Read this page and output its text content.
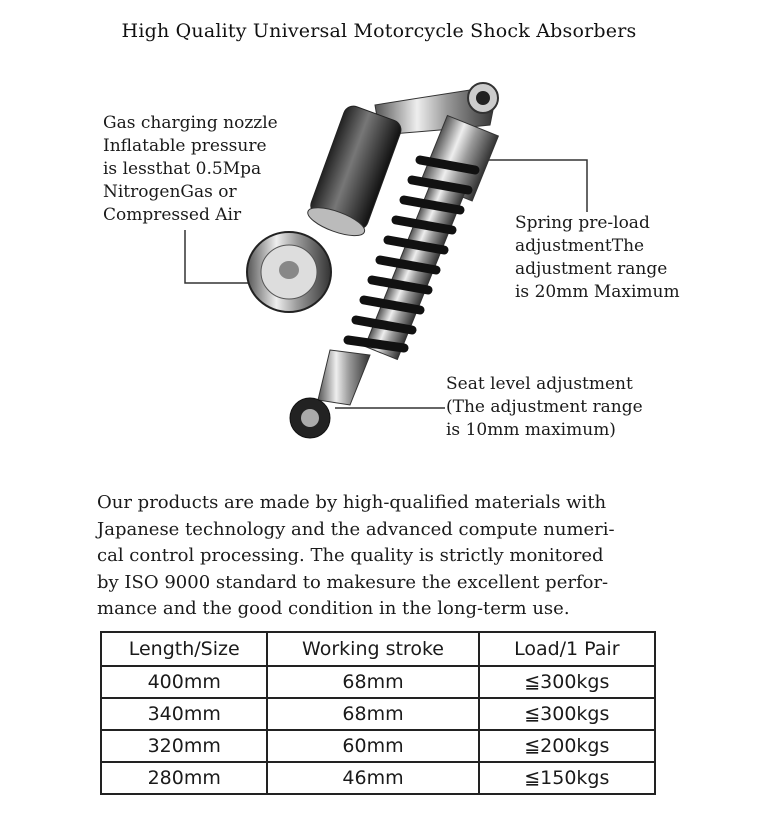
High Quality Universal Motorcycle Shock Absorbers
Gas charging nozzle
Inflatable pressure
is lessthat 0.5Mpa
NitrogenGas or
Compressed Air	Spring pre-load
adjustmentThe
adjustment range
is 20mm Maximum
Seat level adjustment
(The adjustment range
is 10mm maximum)
Our products are made by high-qualified materials with
Japanese technology and the advanced compute numeri-
cal control processing. The quality is strictly monitored
by ISO 9000 standard to makesure the excellent perfor-
mance and the good condition in the long-term use.
Length/Size	Working stroke	Load/1 Pair
400mm	68mm	≦300kgs
340mm	68mm	≦300kgs
320mm	60mm	≦200kgs
280mm	46mm	≦150kgs
